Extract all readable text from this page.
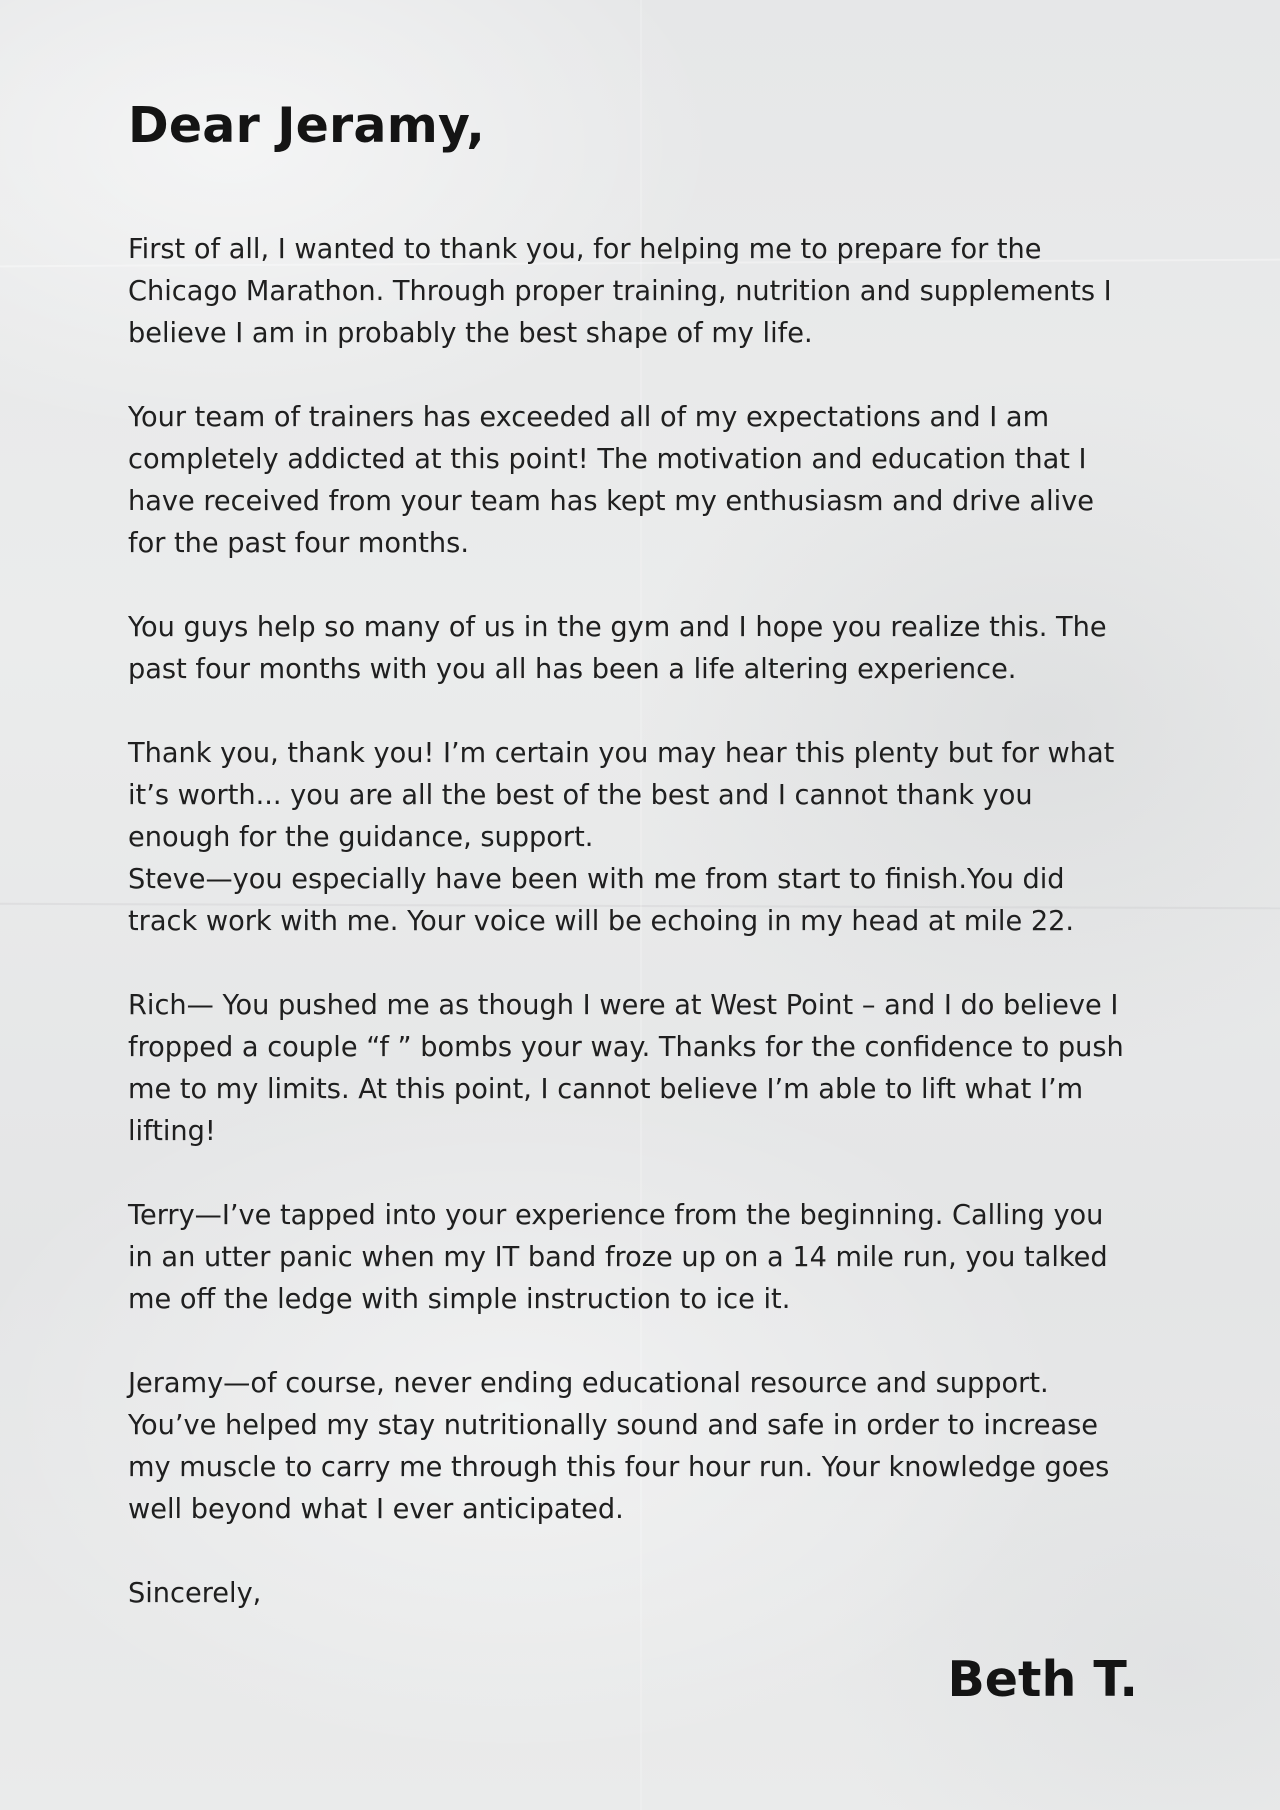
Dear Jeramy,

First of all, I wanted to thank you, for helping me to prepare for the
Chicago Marathon. Through proper training, nutrition and supplements I
believe I am in probably the best shape of my life.

Your team of trainers has exceeded all of my expectations and I am
completely addicted at this point! The motivation and education that I
have received from your team has kept my enthusiasm and drive alive
for the past four months.

You guys help so many of us in the gym and I hope you realize this. The
past four months with you all has been a life altering experience.

Thank you, thank you! I’m certain you may hear this plenty but for what
it’s worth... you are all the best of the best and I cannot thank you
enough for the guidance, support.

Steve—you especially have been with me from start to finish.You did
track work with me. Your voice will be echoing in my head at mile 22.

Rich— You pushed me as though I were at West Point – and I do believe I
fropped a couple “f ” bombs your way. Thanks for the confidence to push
me to my limits. At this point, I cannot believe I’m able to lift what I’m
lifting!

Terry—I’ve tapped into your experience from the beginning. Calling you
in an utter panic when my IT band froze up on a 14 mile run, you talked
me off the ledge with simple instruction to ice it.

Jeramy—of course, never ending educational resource and support.
You’ve helped my stay nutritionally sound and safe in order to increase
my muscle to carry me through this four hour run. Your knowledge goes
well beyond what I ever anticipated.

Sincerely,

Beth T.
